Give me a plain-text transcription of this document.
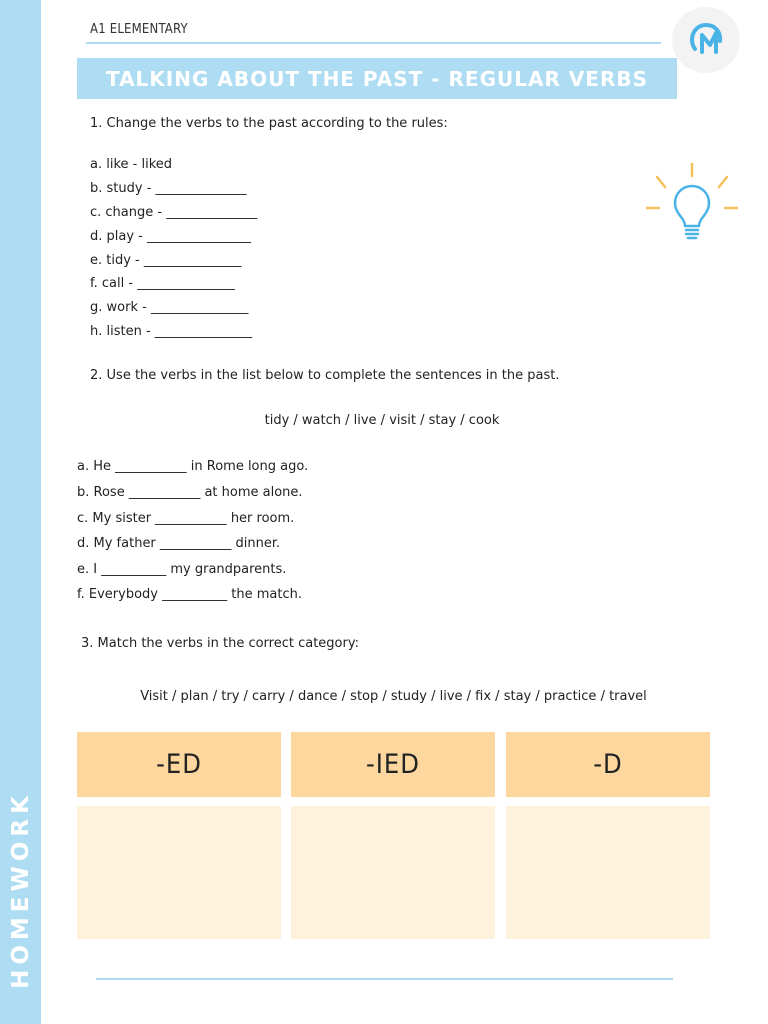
HOMEWORK
A1 ELEMENTARY
TALKING ABOUT THE PAST - REGULAR VERBS
1. Change the verbs to the past according to the rules:
a. like - liked
b. study - ______________
c. change - ______________
d. play - ________________
e. tidy - _______________
f. call - _______________
g. work - _______________
h. listen - _______________
2. Use the verbs in the list below to complete the sentences in the past.
tidy / watch / live / visit / stay / cook
a. He ___________ in Rome long ago.
b. Rose ___________ at home alone.
c. My sister ___________ her room.
d. My father ___________ dinner.
e. I __________ my grandparents.
f. Everybody __________ the match.
3. Match the verbs in the correct category:
Visit / plan / try / carry / dance / stop / study / live / fix / stay / practice / travel
-ED	-IED	-D
